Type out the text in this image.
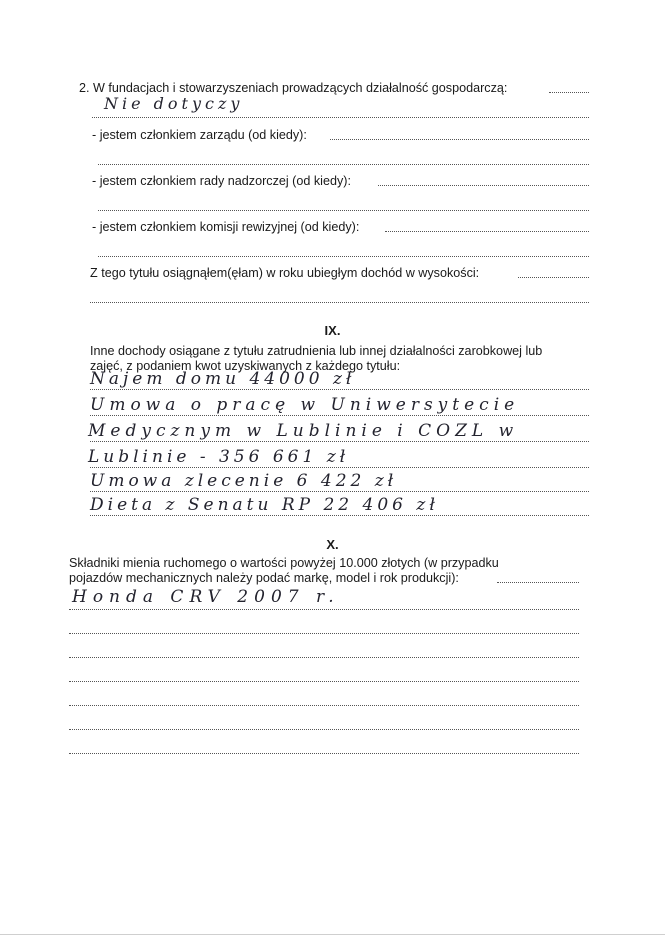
2. W fundacjach i stowarzyszeniach prowadzących działalność gospodarczą:
Nie dotyczy
- jestem członkiem zarządu (od kiedy):
- jestem członkiem rady nadzorczej (od kiedy):
- jestem członkiem komisji rewizyjnej (od kiedy):
Z tego tytułu osiągnąłem(ęłam) w roku ubiegłym dochód w wysokości:
IX.
Inne dochody osiągane z tytułu zatrudnienia lub innej działalności zarobkowej lub
zajęć, z podaniem kwot uzyskiwanych z każdego tytułu:
Najem domu 44000 zł
Umowa o pracę w Uniwersytecie
Medycznym w Lublinie i COZL w
Lublinie - 356 661 zł
Umowa zlecenie 6 422 zł
Dieta z Senatu RP 22 406 zł
X.
Składniki mienia ruchomego o wartości powyżej 10.000 złotych (w przypadku
pojazdów mechanicznych należy podać markę, model i rok produkcji):
Honda CRV 2007 r.
